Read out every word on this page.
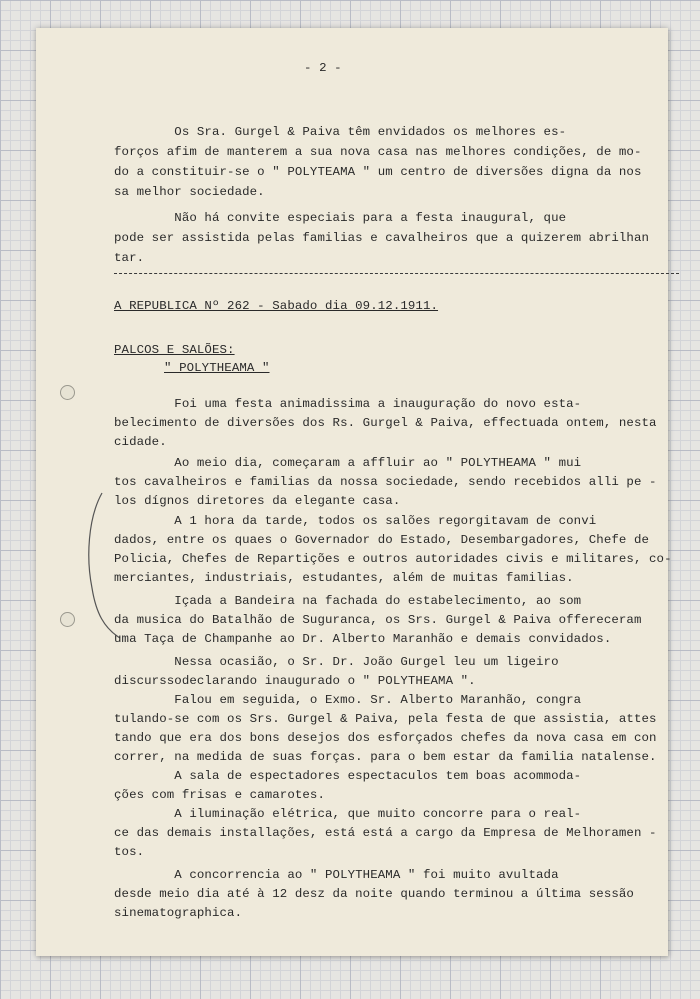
- 2 -

Os Sra. Gurgel & Paiva têm envidados os melhores es-

forços afim de manterem a sua nova casa nas melhores condições, de mo-

do a constituir-se o " POLYTEAMA " um centro de diversões digna da nos

sa melhor sociedade.

Não há convite especiais para a festa inaugural, que

pode ser assistida pelas familias e cavalheiros que a quizerem abrilhan

tar.

A REPUBLICA Nº 262 - Sabado dia 09.12.1911.

PALCOS E SALÕES:

" POLYTHEAMA "

Foi uma festa animadissima a inauguração do novo esta-

belecimento de diversões dos Rs. Gurgel & Paiva, effectuada ontem, nesta

cidade.

Ao meio dia, começaram a affluir ao " POLYTHEAMA " mui

tos cavalheiros e familias da nossa sociedade, sendo recebidos alli pe -

los dígnos diretores da elegante casa.

A 1 hora da tarde, todos os salões regorgitavam de convi

dados, entre os quaes o Governador do Estado, Desembargadores, Chefe de

Policia, Chefes de Repartições e outros autoridades civis e militares, co-

merciantes, industriais, estudantes, além de muitas familias.

Içada a Bandeira na fachada do estabelecimento, ao som

da musica do Batalhão de Suguranca, os Srs. Gurgel & Paiva offereceram

uma Taça de Champanhe ao Dr. Alberto Maranhão e demais convidados.

Nessa ocasião, o Sr. Dr. João Gurgel leu um ligeiro

discurssodeclarando inaugurado o " POLYTHEAMA ".

Falou em seguida, o Exmo. Sr. Alberto Maranhão, congra

tulando-se com os Srs. Gurgel & Paiva, pela festa de que assistia, attes

tando que era dos bons desejos dos esforçados chefes da nova casa em con

correr, na medida de suas forças. para o bem estar da familia natalense.

A sala de espectadores espectaculos tem boas acommoda-

ções com frisas e camarotes.

A iluminação elétrica, que muito concorre para o real-

ce das demais installações, está está a cargo da Empresa de Melhoramen -

tos.

A concorrencia ao " POLYTHEAMA " foi muito avultada

desde meio dia até à 12 desz da noite quando terminou a última sessão

sinematographica.
